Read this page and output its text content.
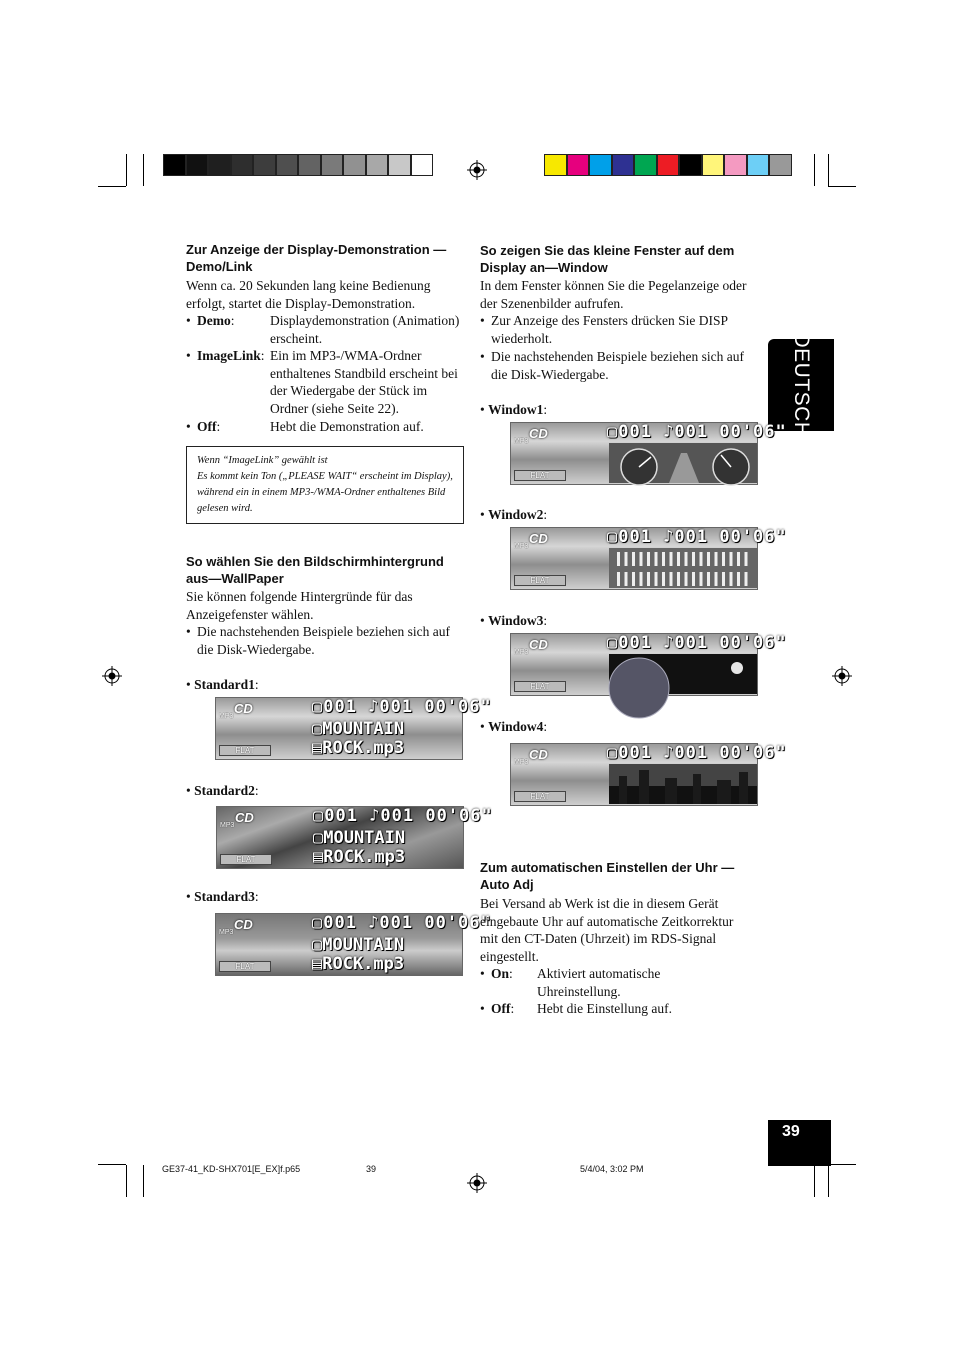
DEUTSCH
Zur Anzeige der Display-Demonstration —Demo/Link
Wenn ca. 20 Sekunden lang keine Bedienung erfolgt, startet die Display-Demonstration.
• Demo:	Displaydemonstration (Animation) erscheint.
• ImageLink: Ein im MP3-/WMA-Ordner enthaltenes Standbild erscheint bei der Wiedergabe der Stück im Ordner (siehe Seite 22).
• Off:	Hebt die Demonstration auf.
Wenn “ImageLink” gewählt ist
Es kommt kein Ton („PLEASE WAIT“ erscheint im Display), während ein in einem MP3-/WMA-Ordner enthaltenes Bild gelesen wird.
So wählen Sie den Bildschirmhintergrund aus—WallPaper
Sie können folgende Hintergründe für das Anzeigefenster wählen.
• Die nachstehenden Beispiele beziehen sich auf die Disk-Wiedergabe.
• Standard1:
CD
MP3	▢001 ♪001 00'06"
▢MOUNTAIN
▤ROCK.mp3
FLAT
• Standard2:
CD
MP3	▢001 ♪001 00'06"
▢MOUNTAIN
▤ROCK.mp3
FLAT
• Standard3:
CD
MP3	▢001 ♪001 00'06"
▢MOUNTAIN
▤ROCK.mp3
FLAT
So zeigen Sie das kleine Fenster auf dem Display an—Window
In dem Fenster können Sie die Pegelanzeige oder der Szenenbilder aufrufen.
• Zur Anzeige des Fensters drücken Sie DISP wiederholt.
• Die nachstehenden Beispiele beziehen sich auf die Disk-Wiedergabe.
• Window1:
CD
MP3	▢001 ♪001 00'06"
FLAT
• Window2:
CD
MP3	▢001 ♪001 00'06"
FLAT
• Window3:
CD
MP3	▢001 ♪001 00'06"
FLAT
• Window4:
CD
MP3	▢001 ♪001 00'06"
FLAT
Zum automatischen Einstellen der Uhr —Auto Adj
Bei Versand ab Werk ist die in diesem Gerät eingebaute Uhr auf automatische Zeitkorrektur mit den CT-Daten (Uhrzeit) im RDS-Signal eingestellt.
• On: Aktiviert automatische Uhreinstellung.
• Off: Hebt die Einstellung auf.
39
GE37-41_KD-SHX701[E_EX]f.p65	39	5/4/04, 3:02 PM
